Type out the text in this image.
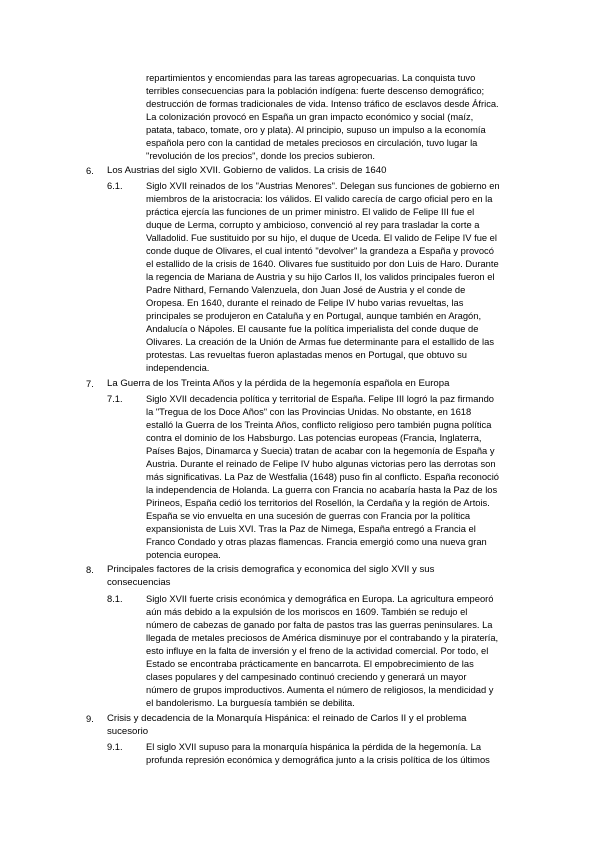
repartimientos y encomiendas para las tareas agropecuarias. La conquista tuvo
terribles consecuencias para la población indígena: fuerte descenso demográfico;
destrucción de formas tradicionales de vida. Intenso tráfico de esclavos desde África.
La colonización provocó en España un gran impacto económico y social (maíz,
patata, tabaco, tomate, oro y plata). Al principio, supuso un impulso a la economía
española pero con la cantidad de metales preciosos en circulación, tuvo lugar la
"revolución de los precios", donde los precios subieron.
6. Los Austrias del siglo XVII. Gobierno de validos. La crisis de 1640
6.1.	Siglo XVII reinados de los "Austrias Menores". Delegan sus funciones de gobierno en
miembros de la aristocracia: los válidos. El valido carecía de cargo oficial pero en la
práctica ejercía las funciones de un primer ministro. El valido de Felipe III fue el
duque de Lerma, corrupto y ambicioso, convenció al rey para trasladar la corte a
Valladolid. Fue sustituido por su hijo, el duque de Uceda. El valido de Felipe IV fue el
conde duque de Olivares, el cual intentó "devolver" la grandeza a España y provocó
el estallido de la crisis de 1640. Olivares fue sustituido por don Luis de Haro. Durante
la regencia de Mariana de Austria y su hijo Carlos II, los validos principales fueron el
Padre Nithard, Fernando Valenzuela, don Juan José de Austria y el conde de
Oropesa. En 1640, durante el reinado de Felipe IV hubo varias revueltas, las
principales se produjeron en Cataluña y en Portugal, aunque también en Aragón,
Andalucía o Nápoles. El causante fue la política imperialista del conde duque de
Olivares. La creación de la Unión de Armas fue determinante para el estallido de las
protestas. Las revueltas fueron aplastadas menos en Portugal, que obtuvo su
independencia.
7. La Guerra de los Treinta Años y la pérdida de la hegemonía española en Europa
7.1.	Siglo XVII decadencia política y territorial de España. Felipe III logró la paz firmando
la "Tregua de los Doce Años" con las Provincias Unidas. No obstante, en 1618
estalló la Guerra de los Treinta Años, conflicto religioso pero también pugna política
contra el dominio de los Habsburgo. Las potencias europeas (Francia, Inglaterra,
Países Bajos, Dinamarca y Suecia) tratan de acabar con la hegemonía de España y
Austria. Durante el reinado de Felipe IV hubo algunas victorias pero las derrotas son
más significativas. La Paz de Westfalia (1648) puso fin al conflicto. España reconoció
la independencia de Holanda. La guerra con Francia no acabaría hasta la Paz de los
Pirineos, España cedió los territorios del Rosellón, la Cerdaña y la región de Artois.
España se vio envuelta en una sucesión de guerras con Francia por la política
expansionista de Luis XVI. Tras la Paz de Nimega, España entregó a Francia el
Franco Condado y otras plazas flamencas. Francia emergió como una nueva gran
potencia europea.
8. Principales factores de la crisis demografica y economica del siglo XVII y sus
consecuencias
8.1.	Siglo XVII fuerte crisis económica y demográfica en Europa. La agricultura empeoró
aún más debido a la expulsión de los moriscos en 1609. También se redujo el
número de cabezas de ganado por falta de pastos tras las guerras peninsulares. La
llegada de metales preciosos de América disminuye por el contrabando y la piratería,
esto influye en la falta de inversión y el freno de la actividad comercial. Por todo, el
Estado se encontraba prácticamente en bancarrota. El empobrecimiento de las
clases populares y del campesinado continuó creciendo y generará un mayor
número de grupos improductivos. Aumenta el número de religiosos, la mendicidad y
el bandolerismo. La burguesía también se debilita.
9. Crisis y decadencia de la Monarquía Hispánica: el reinado de Carlos II y el problema
sucesorio
9.1.	El siglo XVII supuso para la monarquía hispánica la pérdida de la hegemonía. La
profunda represión económica y demográfica junto a la crisis política de los últimos
